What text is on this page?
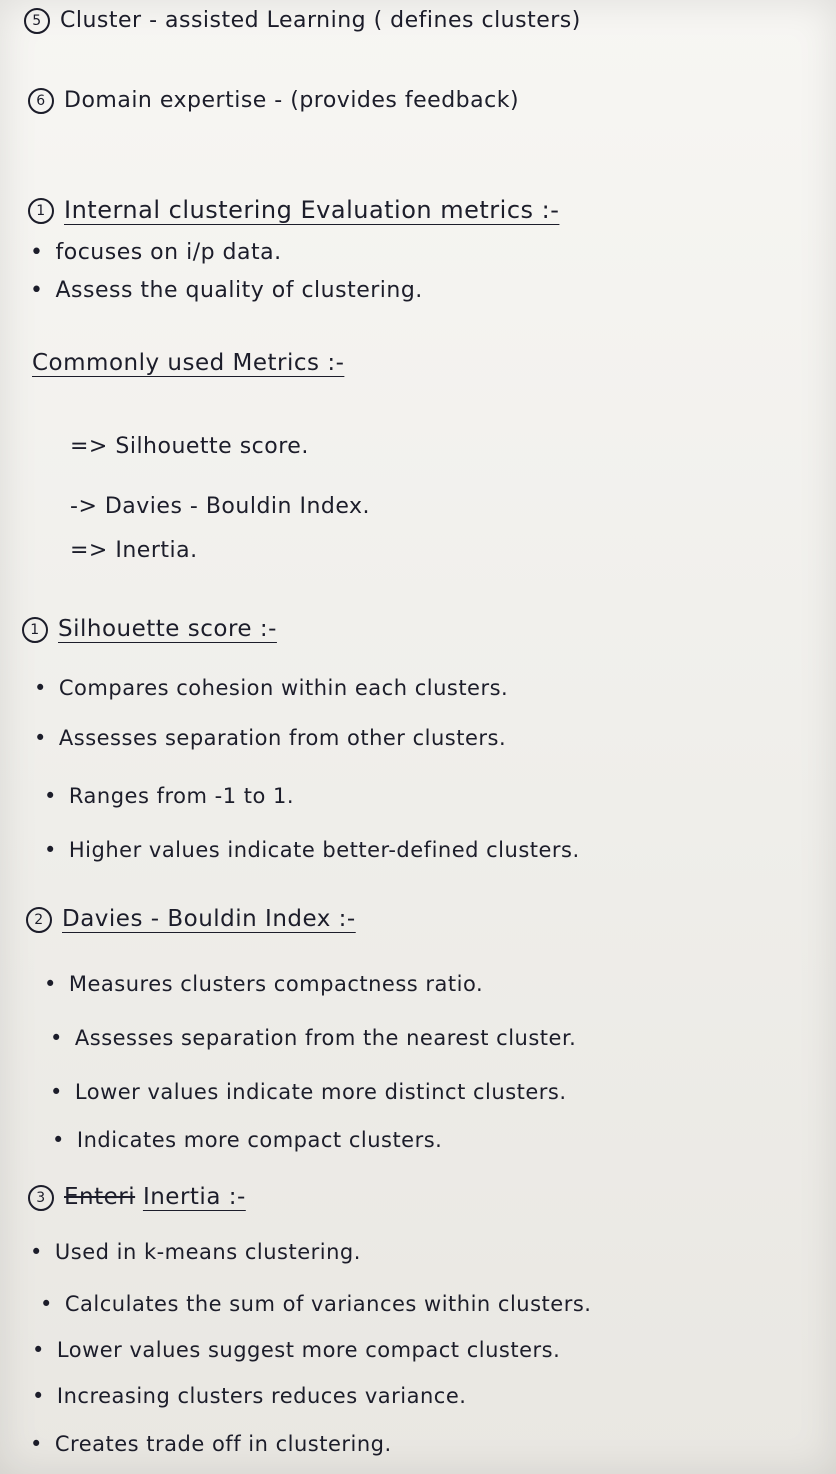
5 Cluster - assisted Learning ( defines clusters)
6 Domain expertise - (provides feedback)
1 Internal clustering Evaluation metrics :-
• focuses on i/p data.
• Assess the quality of clustering.
Commonly used Metrics :-
=> Silhouette score.
-> Davies - Bouldin Index.
=> Inertia.
1 Silhouette score :-
• Compares cohesion within each clusters.
• Assesses separation from other clusters.
• Ranges from -1 to 1.
• Higher values indicate better-defined clusters.
2 Davies - Bouldin Index :-
• Measures clusters compactness ratio.
• Assesses separation from the nearest cluster.
• Lower values indicate more distinct clusters.
• Indicates more compact clusters.
3 Enteri Inertia :-
• Used in k-means clustering.
• Calculates the sum of variances within clusters.
• Lower values suggest more compact clusters.
• Increasing clusters reduces variance.
• Creates trade off in clustering.
